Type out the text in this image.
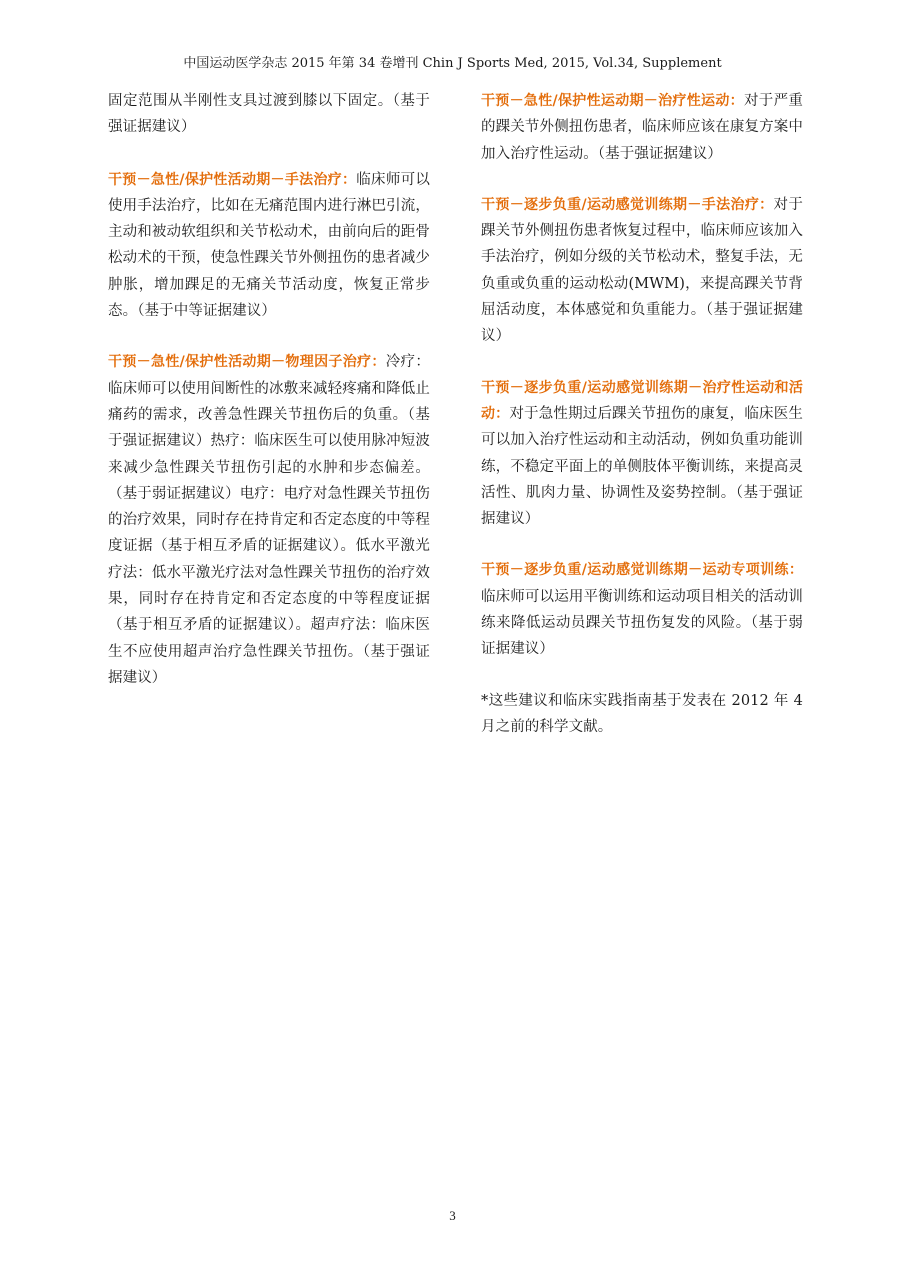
中国运动医学杂志 2015 年第 34 卷增刊 Chin J Sports Med, 2015, Vol.34, Supplement

固定范围从半刚性支具过渡到膝以下固定。（基于强证据建议）

干预－急性/保护性活动期－手法治疗：临床师可以使用手法治疗，比如在无痛范围内进行淋巴引流，主动和被动软组织和关节松动术，由前向后的距骨松动术的干预，使急性踝关节外侧扭伤的患者减少肿胀，增加踝足的无痛关节活动度，恢复正常步态。（基于中等证据建议）

干预－急性/保护性活动期－物理因子治疗：冷疗：临床师可以使用间断性的冰敷来减轻疼痛和降低止痛药的需求，改善急性踝关节扭伤后的负重。（基于强证据建议）热疗：临床医生可以使用脉冲短波来减少急性踝关节扭伤引起的水肿和步态偏差。（基于弱证据建议）电疗：电疗对急性踝关节扭伤的治疗效果，同时存在持肯定和否定态度的中等程度证据（基于相互矛盾的证据建议）。低水平激光疗法：低水平激光疗法对急性踝关节扭伤的治疗效果，同时存在持肯定和否定态度的中等程度证据（基于相互矛盾的证据建议）。超声疗法：临床医生不应使用超声治疗急性踝关节扭伤。（基于强证据建议）

干预－急性/保护性运动期－治疗性运动：对于严重的踝关节外侧扭伤患者，临床师应该在康复方案中加入治疗性运动。（基于强证据建议）

干预－逐步负重/运动感觉训练期－手法治疗：对于踝关节外侧扭伤患者恢复过程中，临床师应该加入手法治疗，例如分级的关节松动术，整复手法，无负重或负重的运动松动(MWM)，来提高踝关节背屈活动度，本体感觉和负重能力。（基于强证据建议）

干预－逐步负重/运动感觉训练期－治疗性运动和活动：对于急性期过后踝关节扭伤的康复，临床医生可以加入治疗性运动和主动活动，例如负重功能训练，不稳定平面上的单侧肢体平衡训练，来提高灵活性、肌肉力量、协调性及姿势控制。（基于强证据建议）

干预－逐步负重/运动感觉训练期－运动专项训练：临床师可以运用平衡训练和运动项目相关的活动训练来降低运动员踝关节扭伤复发的风险。（基于弱证据建议）

*这些建议和临床实践指南基于发表在 2012 年 4 月之前的科学文献。

3
